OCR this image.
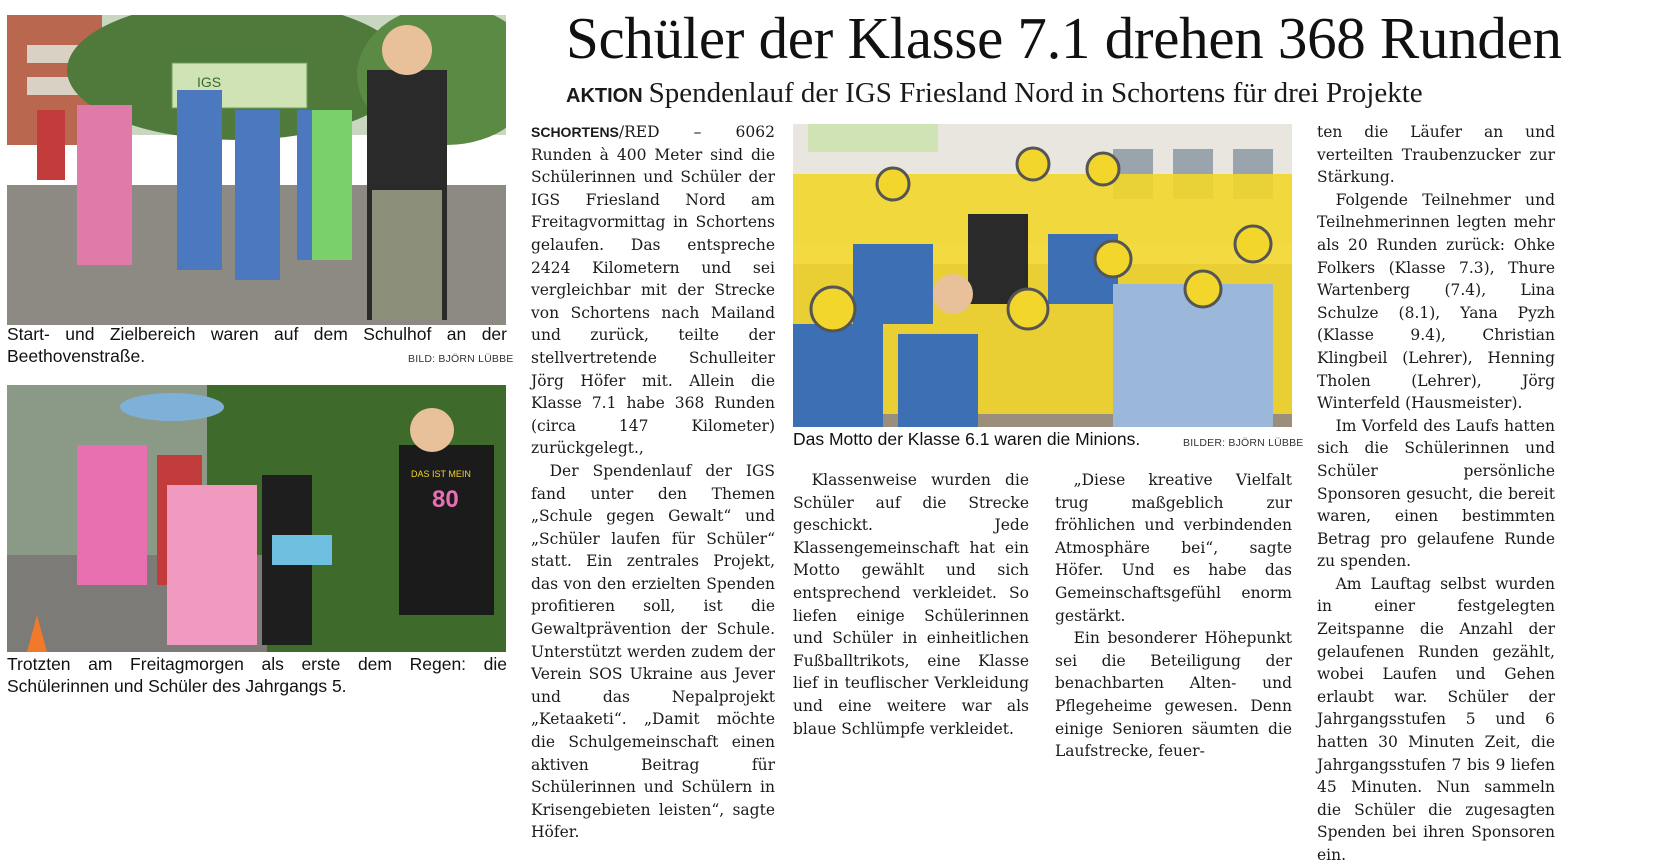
IGS
Start- und Zielbereich waren auf dem Schulhof an der Beethovenstraße.	BILD: BJÖRN LÜBBE
DAS IST MEIN
80
Trotzten am Freitagmorgen als erste dem Regen: die Schülerinnen und Schüler des Jahrgangs 5.
Schüler der Klasse 7.1 drehen 368 Runden
AKTION Spendenlauf der IGS Friesland Nord in Schortens für drei Projekte

SCHORTENS/RED – 6062 Runden à 400 Meter sind die Schülerinnen und Schüler der IGS Friesland Nord am Freitagvormittag in Schortens gelaufen. Das entspreche 2424 Kilometern und sei vergleichbar mit der Strecke von Schortens nach Mailand und zurück, teilte der stellvertretende Schulleiter Jörg Höfer mit. Allein die Klasse 7.1 habe 368 Runden (circa 147 Kilometer) zurückgelegt.,

Der Spendenlauf der IGS fand unter den Themen „Schule gegen Gewalt“ und „Schüler laufen für Schüler“ statt. Ein zentrales Projekt, das von den erzielten Spenden profitieren soll, ist die Gewaltprävention der Schule. Unterstützt werden zudem der Verein SOS Ukraine aus Jever und das Nepalprojekt „Ketaaketi“. „Damit möchte die Schulgemeinschaft einen aktiven Beitrag für Schülerinnen und Schülern in Krisengebieten leisten“, sagte Höfer.

Das Motto der Klasse 6.1 waren die Minions.	BILDER: BJÖRN LÜBBE

Klassenweise wurden die Schüler auf die Strecke geschickt. Jede Klassengemeinschaft hat ein Motto gewählt und sich entsprechend verkleidet. So liefen einige Schülerinnen und Schüler in einheitlichen Fußballtrikots, eine Klasse lief in teuflischer Verkleidung und eine weitere war als blaue Schlümpfe verkleidet.

„Diese kreative Vielfalt trug maßgeblich zur fröhlichen und verbindenden Atmosphäre bei“, sagte Höfer. Und es habe das Gemeinschaftsgefühl enorm gestärkt.

Ein besonderer Höhepunkt sei die Beteiligung der benachbarten Alten- und Pflegeheime gewesen. Denn einige Senioren säumten die Laufstrecke, feuer-

ten die Läufer an und verteilten Traubenzucker zur Stärkung.

Folgende Teilnehmer und Teilnehmerinnen legten mehr als 20 Runden zurück: Ohke Folkers (Klasse 7.3), Thure Wartenberg (7.4), Lina Schulze (8.1), Yana Pyzh (Klasse 9.4), Christian Klingbeil (Lehrer), Henning Tholen (Lehrer), Jörg Winterfeld (Hausmeister).

Im Vorfeld des Laufs hatten sich die Schülerinnen und Schüler persönliche Sponsoren gesucht, die bereit waren, einen bestimmten Betrag pro gelaufene Runde zu spenden.

Am Lauftag selbst wurden in einer festgelegten Zeitspanne die Anzahl der gelaufenen Runden gezählt, wobei Laufen und Gehen erlaubt war. Schüler der Jahrgangsstufen 5 und 6 hatten 30 Minuten Zeit, die Jahrgangsstufen 7 bis 9 liefen 45 Minuten. Nun sammeln die Schüler die zugesagten Spenden bei ihren Sponsoren ein.
